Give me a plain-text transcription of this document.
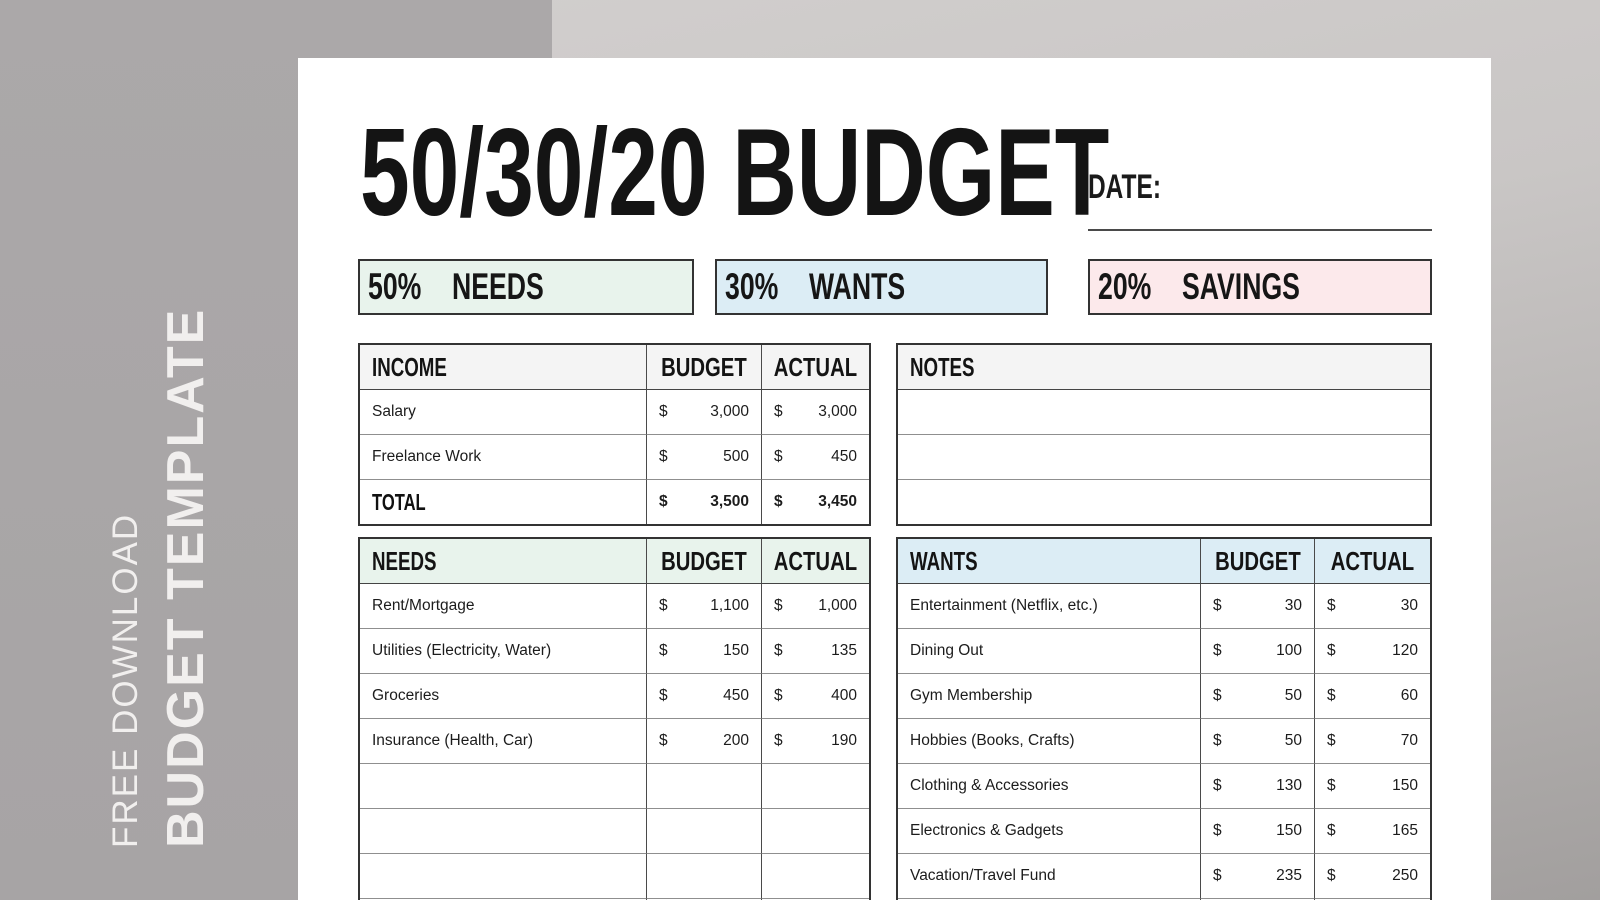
FREE DOWNLOAD BUDGET TEMPLATE
50/30/20 BUDGET
DATE:
50% NEEDS	30% WANTS	20% SAVINGS
INCOME	BUDGET ACTUAL
Salary	$	3,000 $ 3,000
Freelance Work	$	500 $	450
TOTAL	$	3,500 $ 3,450
NOTES
NEEDS	BUDGET ACTUAL
Rent/Mortgage	$	1,100 $ 1,000
Utilities (Electricity, Water)	$	150 $	135
Groceries	$	450 $	400
Insurance (Health, Car)	$	200 $	190
WANTS	BUDGET ACTUAL
Entertainment (Netflix, etc.)	$	30 $	30
Dining Out	$	100 $	120
Gym Membership	$	50 $	60
Hobbies (Books, Crafts)	$	50 $	70
Clothing & Accessories	$	130 $	150
Electronics & Gadgets	$	150 $	165
Vacation/Travel Fund	$	235 $	250
